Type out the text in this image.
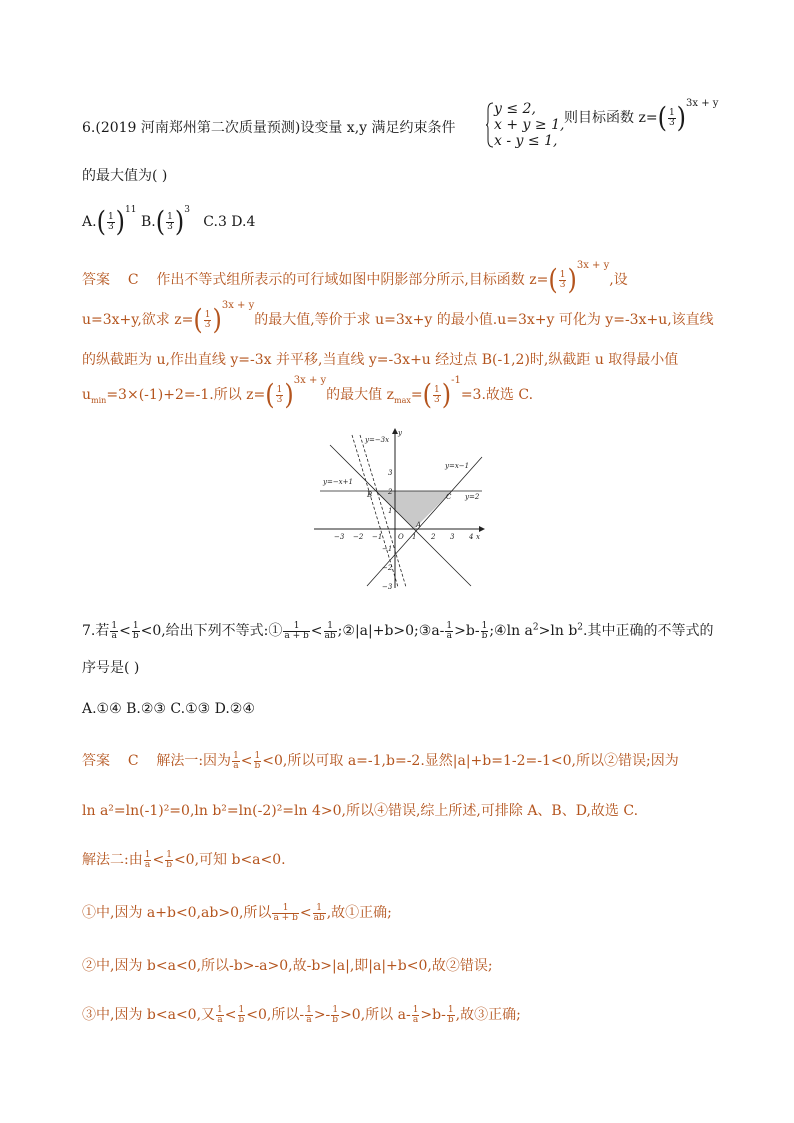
6.(2019 河南郑州第二次质量预测)设变量 x,y 满足约束条件
y ≤ 2,
x + y ≥ 1,
x - y ≤ 1,
则目标函数 $z=( \frac{1}{3} )^{3x + y}$
的最大值为( )
$A.( \frac{1}{3} )^{11}$ $B.( \frac{1}{3} )^3$   C.3 D.4
答案 C 作出不等式组所表示的可行域如图中阴影部分所示,目标函数 $z=( \frac{1}{3} )^{3x + y}$,设
u=3x+y,欲求 $z=( \frac{1}{3} )^{3x + y}$的最大值,等价于求 u=3x+y 的最小值.u=3x+y 可化为 y=-3x+u,该直线
的纵截距为 u,作出直线 y=-3x 并平移,当直线 y=-3x+u 经过点 B(-1,2)时,纵截距 u 取得最小值
$u_{min}=3\times(-1)+2=-1$.所以 $z=( \frac{1}{3} )^{3x + y}$的最大值 $z_{max}=( \frac{1}{3} )^{-1}=3$.故选 C.
−3 −2 −1	1 2 3 4
3
2
1
−1
−2
−3
O	x
y
B	C
A
y=−3x
y=x−1
y=−x+1
y=2
7.若 $\frac{1}{a} < \frac{1}{b} <0$,给出下列不等式:① $\frac{1}{a + b} < \frac{1}{ab}$ ;②|a|+b>0;③a- $\frac{1}{a} >b- \frac{1}{b}$ ;④ln $a^2>\ln$ $b^2$.其中正确的不等式的
序号是( )
A.①④ B.②③ C.①③ D.②④
答案 C 解法一:因为 $\frac{1}{a} < \frac{1}{b} <0$,所以可取 a=-1,b=-2.显然|a|+b=1-2=-1<0,所以②错误;因为
ln a²=ln(-1)²=0,ln b²=ln(-2)²=ln 4>0,所以④错误,综上所述,可排除 A、B、D,故选 C.
解法二:由 $\frac{1}{a} < \frac{1}{b} <0$,可知 b<a<0.
①中,因为 a+b<0,ab>0,所以 $\frac{1}{a + b} < \frac{1}{ab}$ ,故①正确;
②中,因为 b<a<0,所以-b>-a>0,故-b>|a|,即|a|+b<0,故②错误;
③中,因为 b<a<0,又 $\frac{1}{a} < \frac{1}{b} <0$,所以- $\frac{1}{a} >- \frac{1}{b} >0$,所以 $a- \frac{1}{a} >b- \frac{1}{b}$ ,故③正确;
